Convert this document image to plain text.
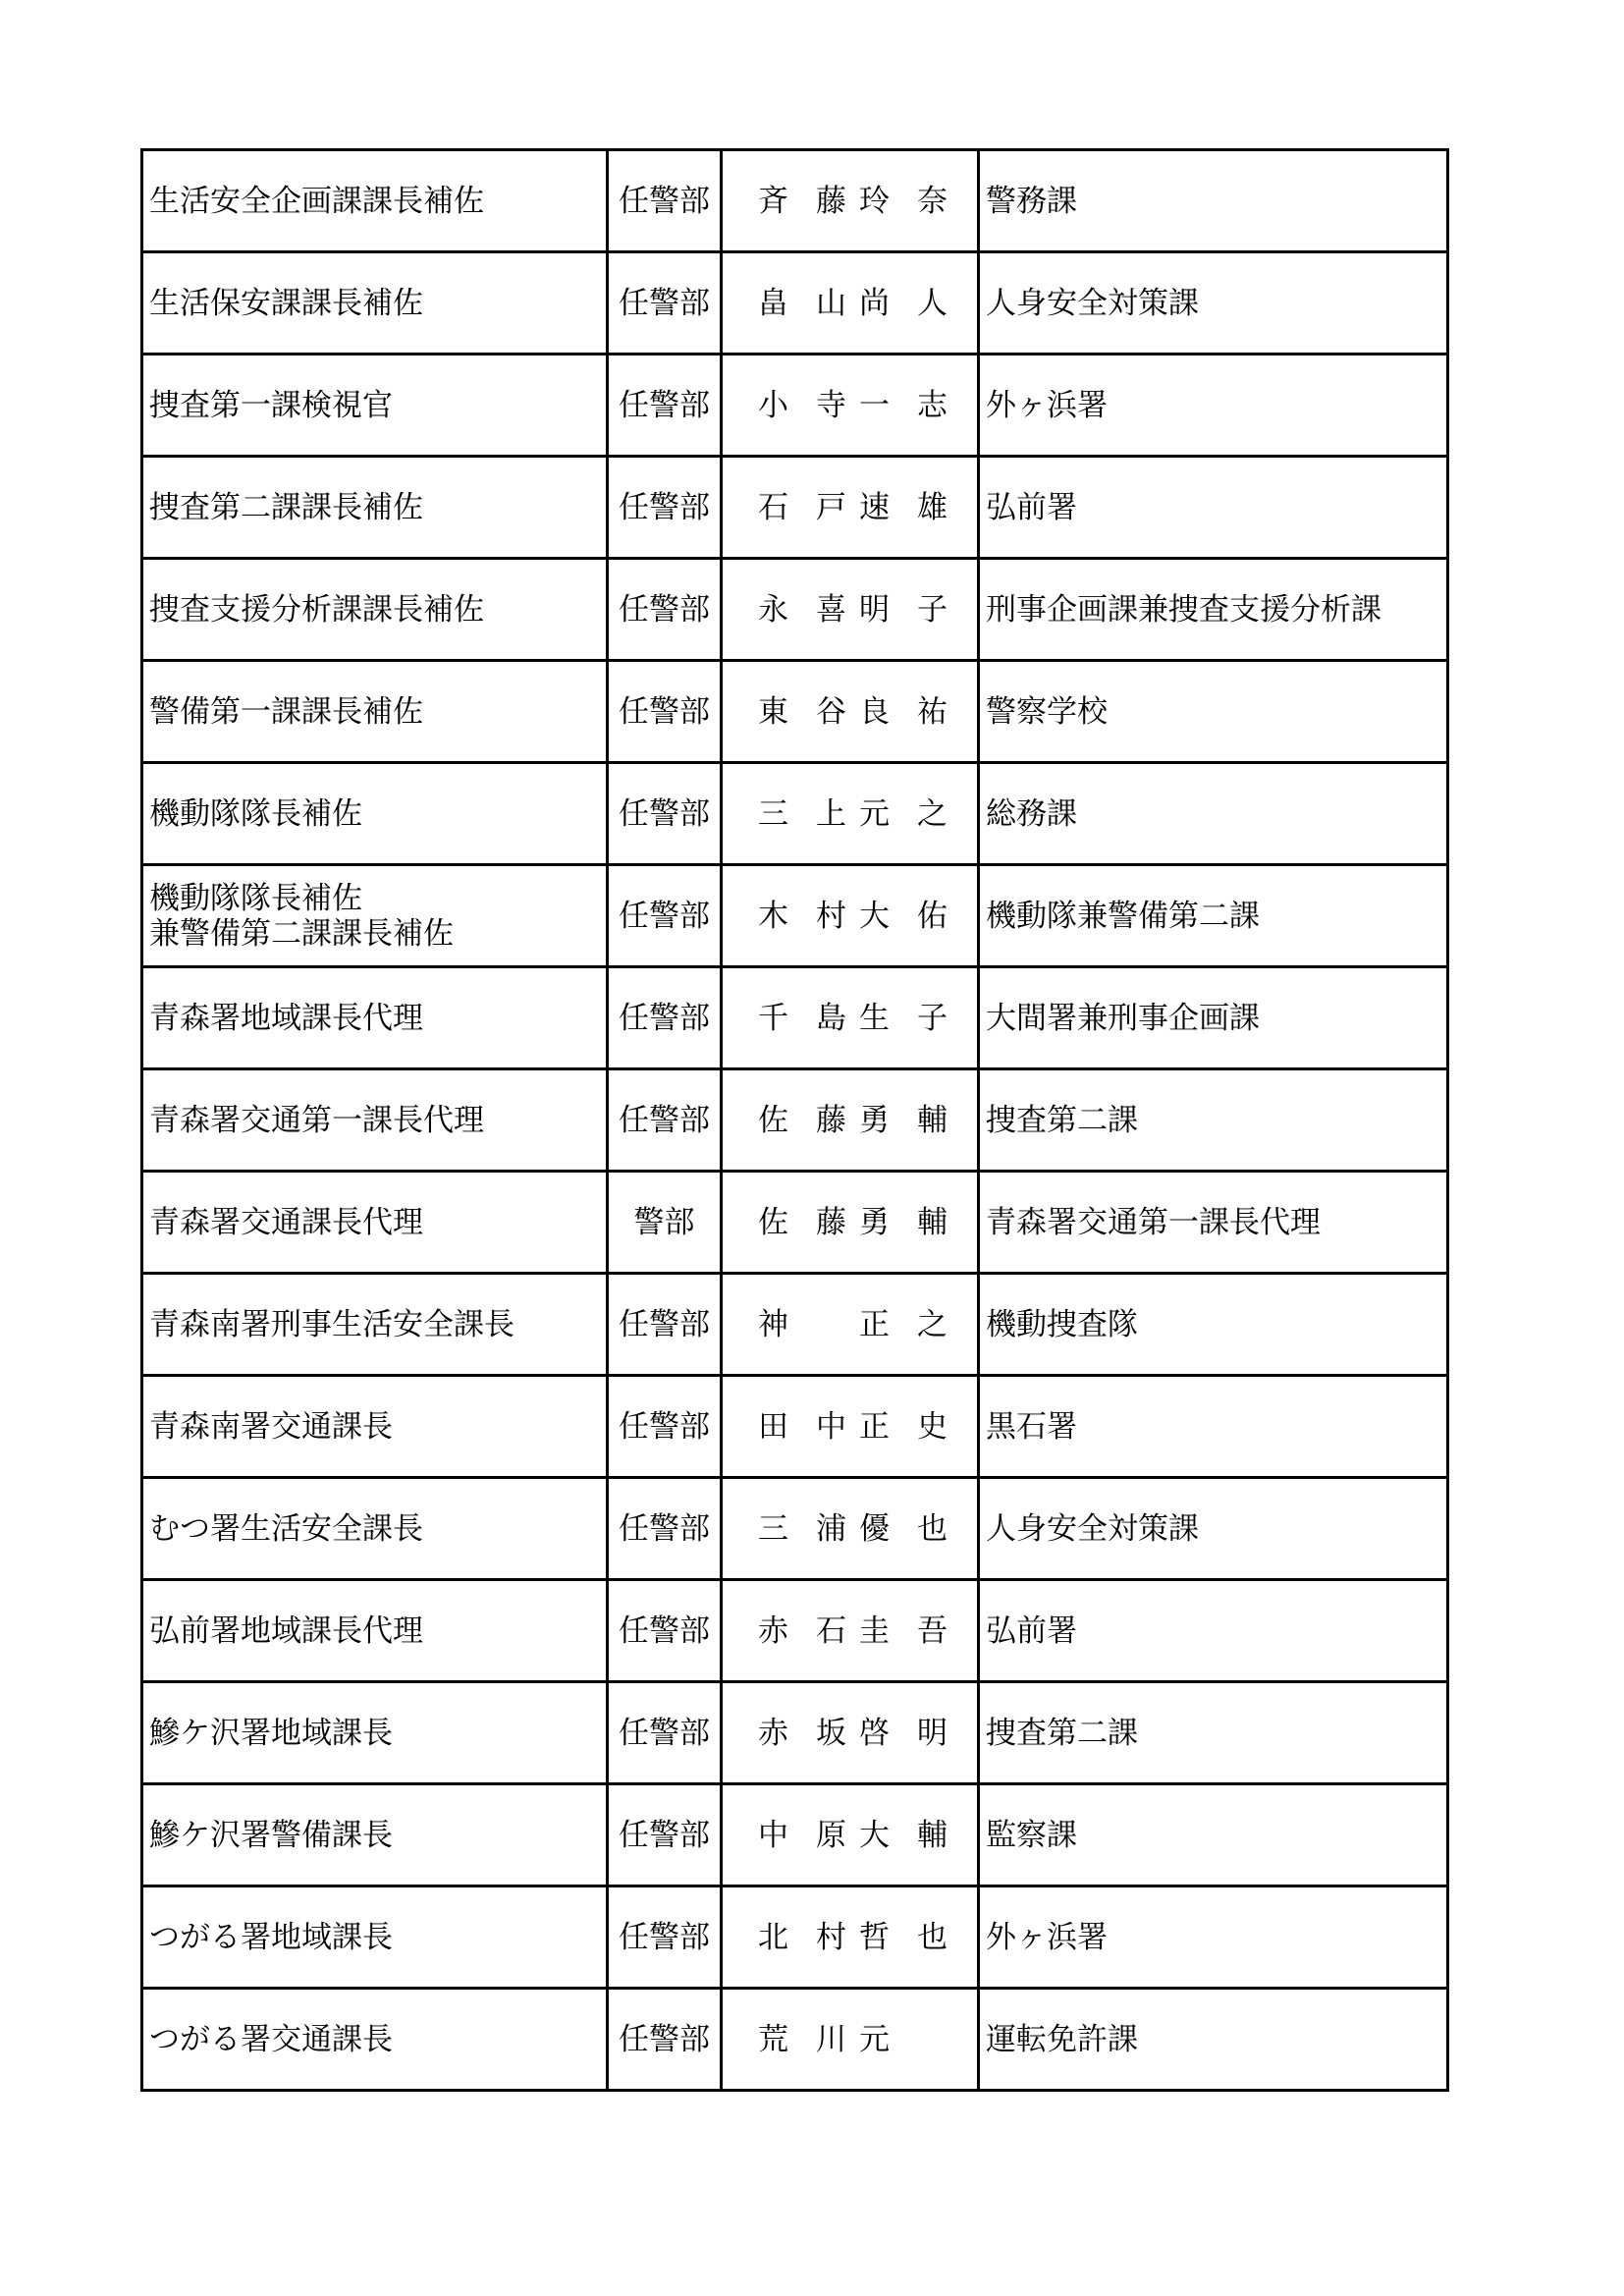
生活安全企画課課長補佐	任警部	斉藤 玲奈	警務課

生活保安課課長補佐	任警部	畠山 尚人	人身安全対策課

捜査第一課検視官	任警部	小寺 一志	外ヶ浜署

捜査第二課課長補佐	任警部	石戸 速雄	弘前署

捜査支援分析課課長補佐	任警部	永喜 明子	刑事企画課兼捜査支援分析課

警備第一課課長補佐	任警部	東谷 良祐	警察学校

機動隊隊長補佐	任警部	三上 元之	総務課

機動隊隊長補佐
兼警備第二課課長補佐	任警部	木村 大佑	機動隊兼警備第二課

青森署地域課長代理	任警部	千島 生子	大間署兼刑事企画課

青森署交通第一課長代理	任警部	佐藤 勇輔	捜査第二課

青森署交通課長代理	警部	佐藤 勇輔	青森署交通第一課長代理

青森南署刑事生活安全課長	任警部	神 正之	機動捜査隊

青森南署交通課長	任警部	田中 正史	黒石署

むつ署生活安全課長	任警部	三浦 優也	人身安全対策課

弘前署地域課長代理	任警部	赤石 圭吾	弘前署

鰺ケ沢署地域課長	任警部	赤坂 啓明	捜査第二課

鰺ケ沢署警備課長	任警部	中原 大輔	監察課

つがる署地域課長	任警部	北村 哲也	外ヶ浜署

つがる署交通課長	任警部	荒川 元	運転免許課
